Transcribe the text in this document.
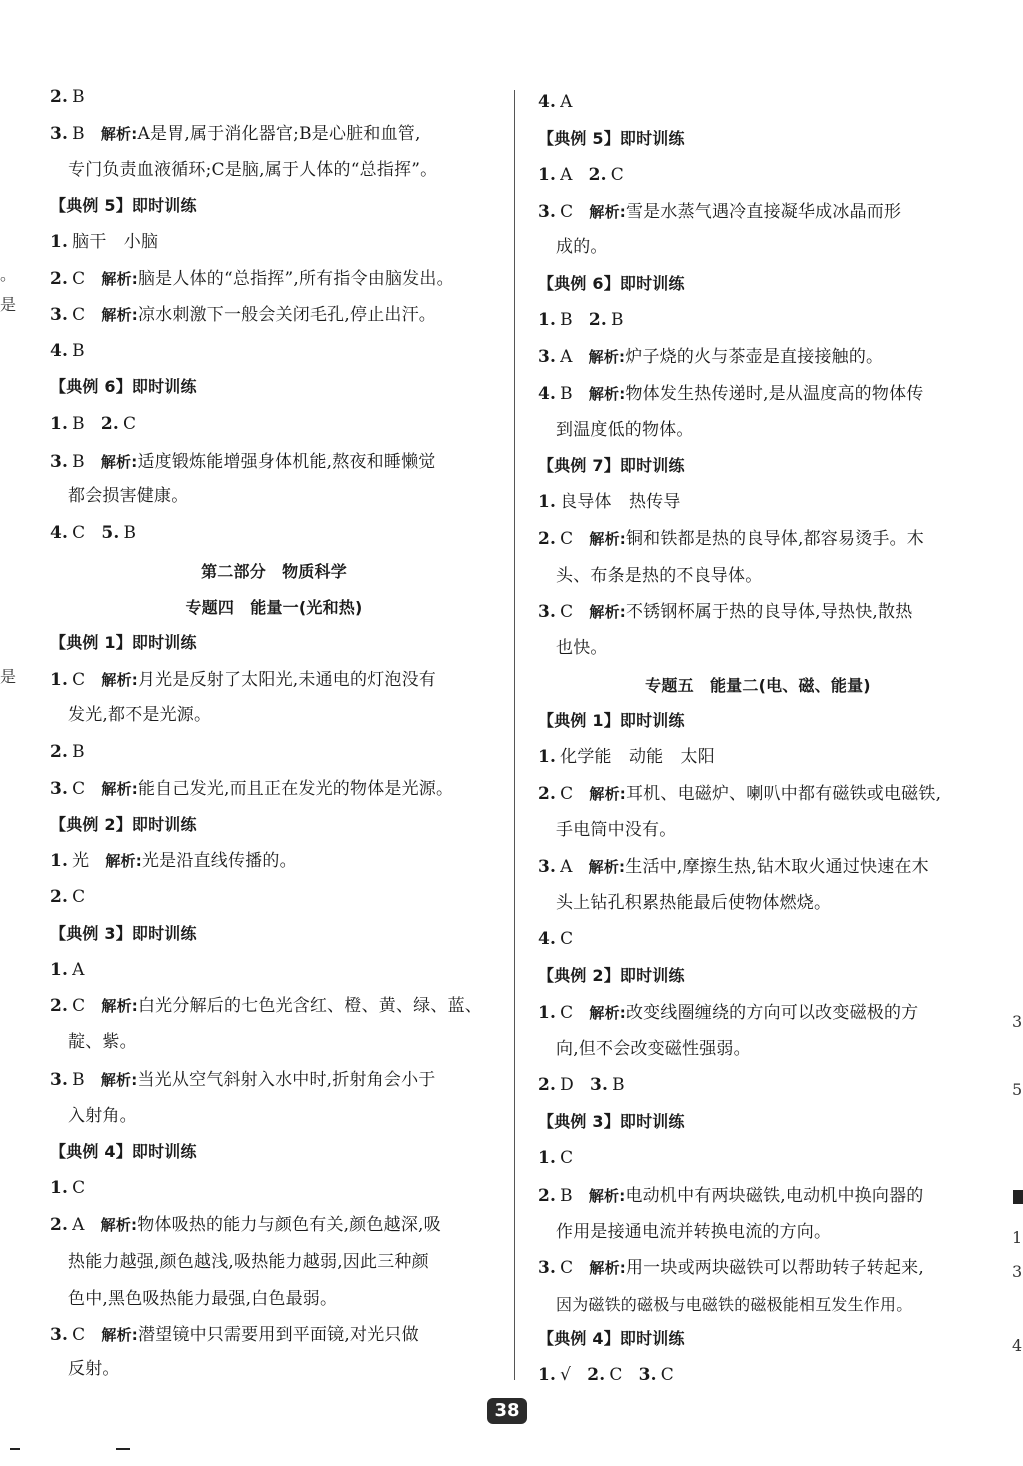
。
是
是
3
5
1
3
4
2. B
3. B 解析:A是胃,属于消化器官;B是心脏和血管,
专门负责血液循环;C是脑,属于人体的“总指挥”。
【典例 5】即时训练
1. 脑干　小脑
2. C 解析:脑是人体的“总指挥”,所有指令由脑发出。
3. C 解析:凉水刺激下一般会关闭毛孔,停止出汗。
4. B
【典例 6】即时训练
1. B 2. C
3. B 解析:适度锻炼能增强身体机能,熬夜和睡懒觉
都会损害健康。
4. C 5. B
第二部分　物质科学
专题四　能量一(光和热)
【典例 1】即时训练
1. C 解析:月光是反射了太阳光,未通电的灯泡没有
发光,都不是光源。
2. B
3. C 解析:能自己发光,而且正在发光的物体是光源。
【典例 2】即时训练
1. 光 解析:光是沿直线传播的。
2. C
【典例 3】即时训练
1. A
2. C 解析:白光分解后的七色光含红、橙、黄、绿、蓝、
靛、紫。
3. B 解析:当光从空气斜射入水中时,折射角会小于
入射角。
【典例 4】即时训练
1. C
2. A 解析:物体吸热的能力与颜色有关,颜色越深,吸
热能力越强,颜色越浅,吸热能力越弱,因此三种颜
色中,黑色吸热能力最强,白色最弱。
3. C 解析:潜望镜中只需要用到平面镜,对光只做
反射。
4. A
【典例 5】即时训练
1. A 2. C
3. C 解析:雪是水蒸气遇冷直接凝华成冰晶而形
成的。
【典例 6】即时训练
1. B 2. B
3. A 解析:炉子烧的火与茶壶是直接接触的。
4. B 解析:物体发生热传递时,是从温度高的物体传
到温度低的物体。
【典例 7】即时训练
1. 良导体　热传导
2. C 解析:铜和铁都是热的良导体,都容易烫手。木
头、布条是热的不良导体。
3. C 解析:不锈钢杯属于热的良导体,导热快,散热
也快。
专题五　能量二(电、磁、能量)
【典例 1】即时训练
1. 化学能　动能　太阳
2. C 解析:耳机、电磁炉、喇叭中都有磁铁或电磁铁,
手电筒中没有。
3. A 解析:生活中,摩擦生热,钻木取火通过快速在木
头上钻孔积累热能最后使物体燃烧。
4. C
【典例 2】即时训练
1. C 解析:改变线圈缠绕的方向可以改变磁极的方
向,但不会改变磁性强弱。
2. D 3. B
【典例 3】即时训练
1. C
2. B 解析:电动机中有两块磁铁,电动机中换向器的
作用是接通电流并转换电流的方向。
3. C 解析:用一块或两块磁铁可以帮助转子转起来,
因为磁铁的磁极与电磁铁的磁极能相互发生作用。
【典例 4】即时训练
1. √ 2. C 3. C
38
